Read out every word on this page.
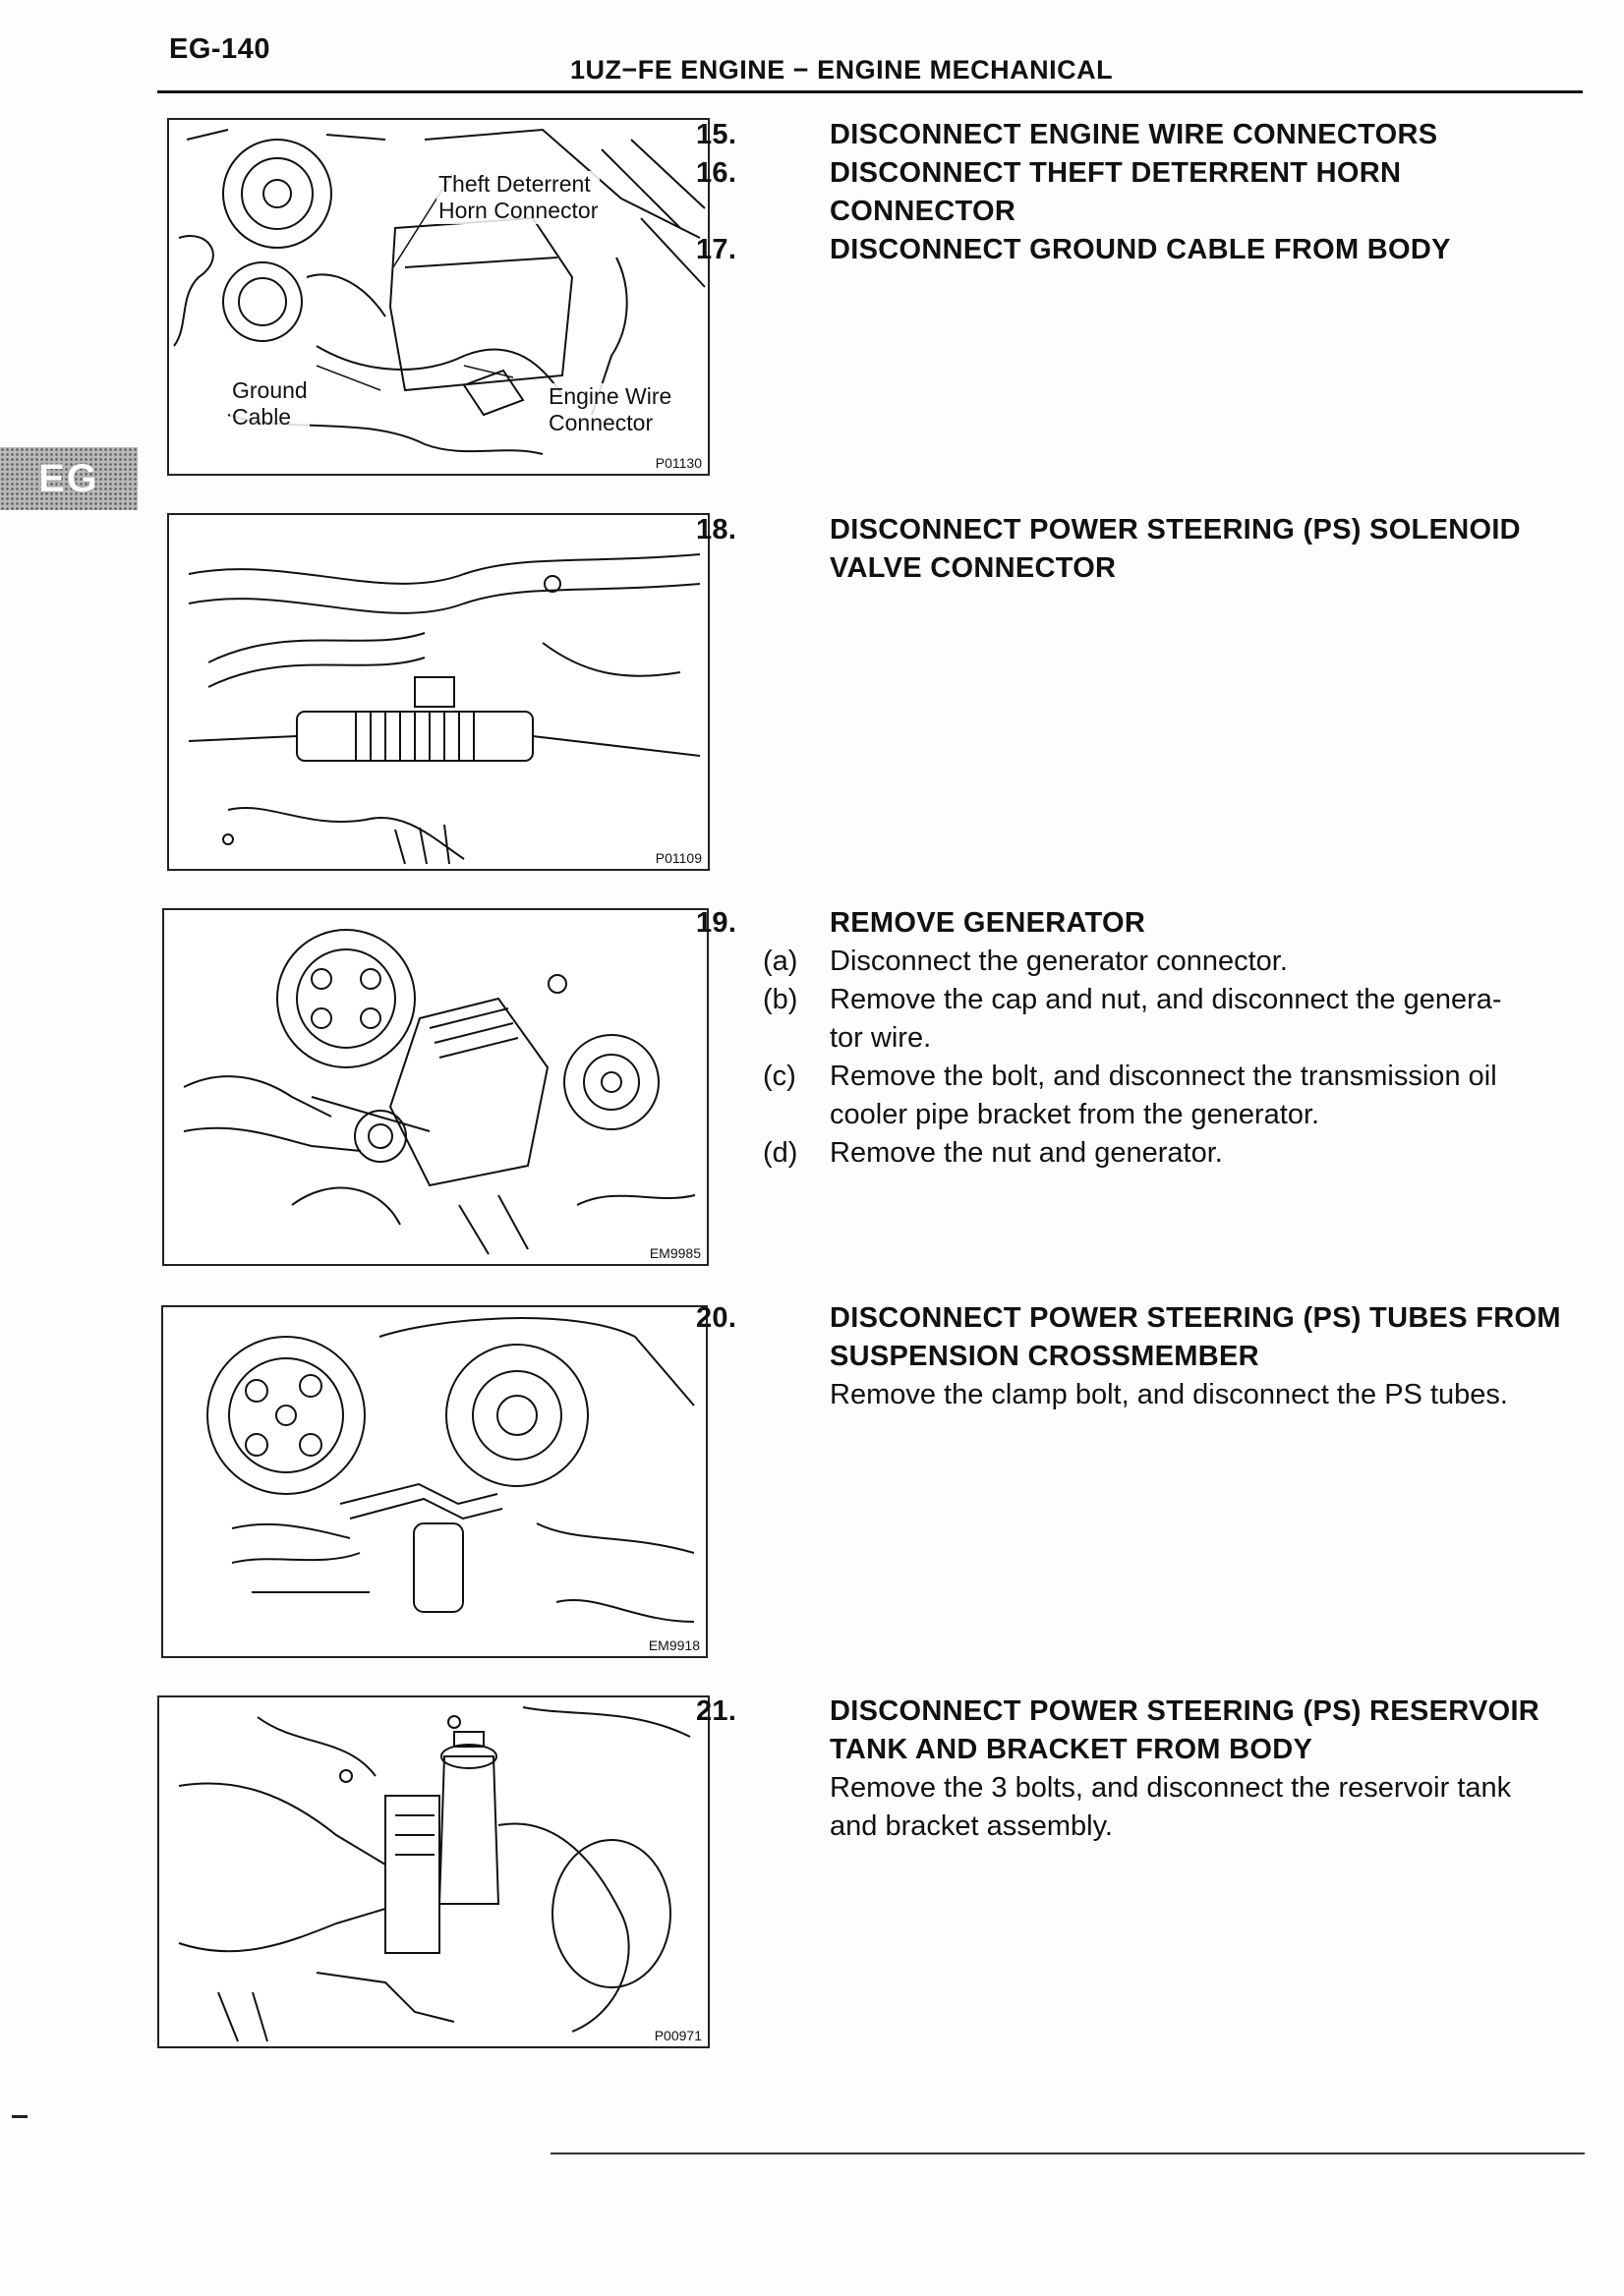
EG-140
1UZ−FE ENGINE − ENGINE MECHANICAL
EG
Theft Deterrent
Horn Connector
Ground
Cable
Engine Wire
Connector
P01130
P01109
EM9985
EM9918
P00971
15.	DISCONNECT ENGINE WIRE CONNECTORS
16.	DISCONNECT THEFT DETERRENT HORN
CONNECTOR
17.	DISCONNECT GROUND CABLE FROM BODY
18.	DISCONNECT POWER STEERING (PS) SOLENOID
VALVE CONNECTOR
19.	REMOVE GENERATOR
(a)	Disconnect the generator connector.
(b)	Remove the cap and nut, and disconnect the genera-
tor wire.
(c)	Remove the bolt, and disconnect the transmission oil
cooler pipe bracket from the generator.
(d)	Remove the nut and generator.
20.	DISCONNECT POWER STEERING (PS) TUBES FROM
SUSPENSION CROSSMEMBER
Remove the clamp bolt, and disconnect the PS tubes.
21.	DISCONNECT POWER STEERING (PS) RESERVOIR
TANK AND BRACKET FROM BODY
Remove the 3 bolts, and disconnect the reservoir tank
and bracket assembly.
